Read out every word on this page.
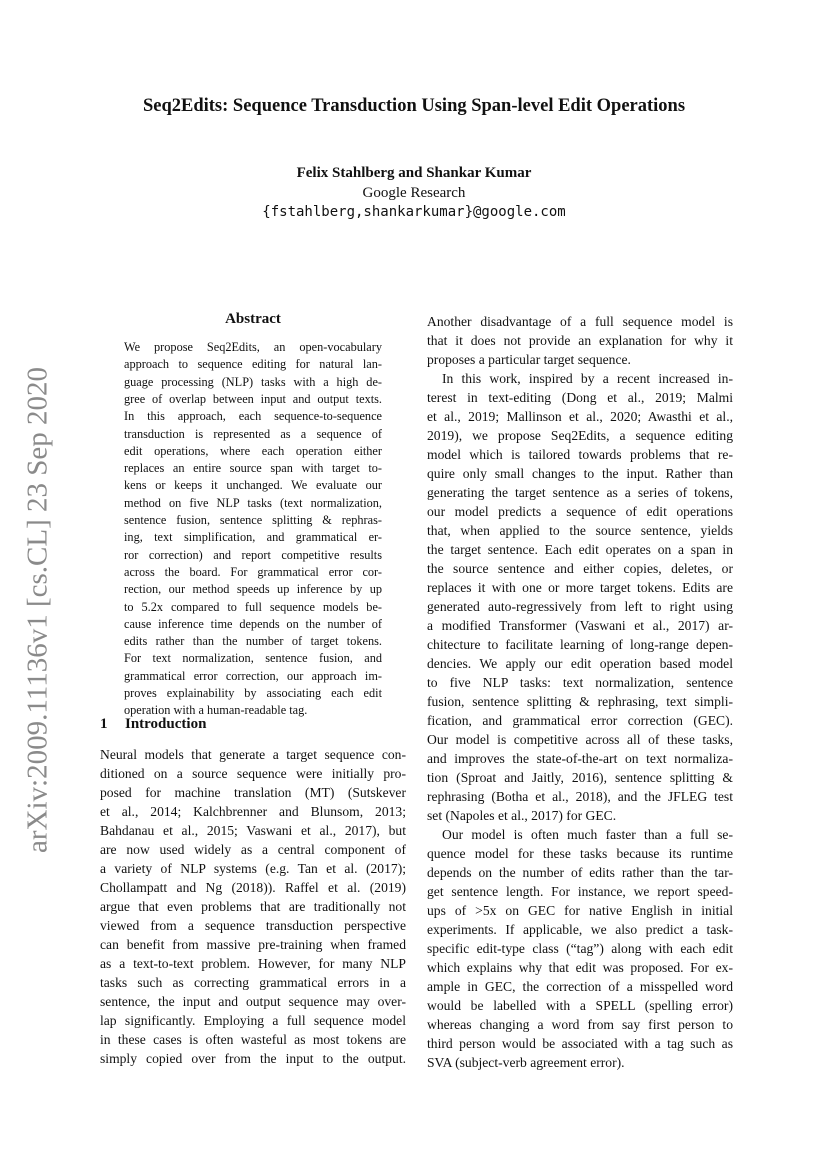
Seq2Edits: Sequence Transduction Using Span-level Edit Operations
Felix Stahlberg and Shankar Kumar
Google Research
{fstahlberg,shankarkumar}@google.com
arXiv:2009.11136v1 [cs.CL] 23 Sep 2020
Abstract
We propose Seq2Edits, an open-vocabulary
approach to sequence editing for natural lan-
guage processing (NLP) tasks with a high de-
gree of overlap between input and output texts.
In this approach, each sequence-to-sequence
transduction is represented as a sequence of
edit operations, where each operation either
replaces an entire source span with target to-
kens or keeps it unchanged. We evaluate our
method on five NLP tasks (text normalization,
sentence fusion, sentence splitting & rephras-
ing, text simplification, and grammatical er-
ror correction) and report competitive results
across the board. For grammatical error cor-
rection, our method speeds up inference by up
to 5.2x compared to full sequence models be-
cause inference time depends on the number of
edits rather than the number of target tokens.
For text normalization, sentence fusion, and
grammatical error correction, our approach im-
proves explainability by associating each edit
operation with a human-readable tag.
1 Introduction
Neural models that generate a target sequence con-
ditioned on a source sequence were initially pro-
posed for machine translation (MT) (Sutskever
et al., 2014; Kalchbrenner and Blunsom, 2013;
Bahdanau et al., 2015; Vaswani et al., 2017), but
are now used widely as a central component of
a variety of NLP systems (e.g. Tan et al. (2017);
Chollampatt and Ng (2018)). Raffel et al. (2019)
argue that even problems that are traditionally not
viewed from a sequence transduction perspective
can benefit from massive pre-training when framed
as a text-to-text problem. However, for many NLP
tasks such as correcting grammatical errors in a
sentence, the input and output sequence may over-
lap significantly. Employing a full sequence model
in these cases is often wasteful as most tokens are
simply copied over from the input to the output.
Another disadvantage of a full sequence model is
that it does not provide an explanation for why it
proposes a particular target sequence.
In this work, inspired by a recent increased in-
terest in text-editing (Dong et al., 2019; Malmi
et al., 2019; Mallinson et al., 2020; Awasthi et al.,
2019), we propose Seq2Edits, a sequence editing
model which is tailored towards problems that re-
quire only small changes to the input. Rather than
generating the target sentence as a series of tokens,
our model predicts a sequence of edit operations
that, when applied to the source sentence, yields
the target sentence. Each edit operates on a span in
the source sentence and either copies, deletes, or
replaces it with one or more target tokens. Edits are
generated auto-regressively from left to right using
a modified Transformer (Vaswani et al., 2017) ar-
chitecture to facilitate learning of long-range depen-
dencies. We apply our edit operation based model
to five NLP tasks: text normalization, sentence
fusion, sentence splitting & rephrasing, text simpli-
fication, and grammatical error correction (GEC).
Our model is competitive across all of these tasks,
and improves the state-of-the-art on text normaliza-
tion (Sproat and Jaitly, 2016), sentence splitting &
rephrasing (Botha et al., 2018), and the JFLEG test
set (Napoles et al., 2017) for GEC.
Our model is often much faster than a full se-
quence model for these tasks because its runtime
depends on the number of edits rather than the tar-
get sentence length. For instance, we report speed-
ups of >5x on GEC for native English in initial
experiments. If applicable, we also predict a task-
specific edit-type class (“tag”) along with each edit
which explains why that edit was proposed. For ex-
ample in GEC, the correction of a misspelled word
would be labelled with a SPELL (spelling error)
whereas changing a word from say first person to
third person would be associated with a tag such as
SVA (subject-verb agreement error).
